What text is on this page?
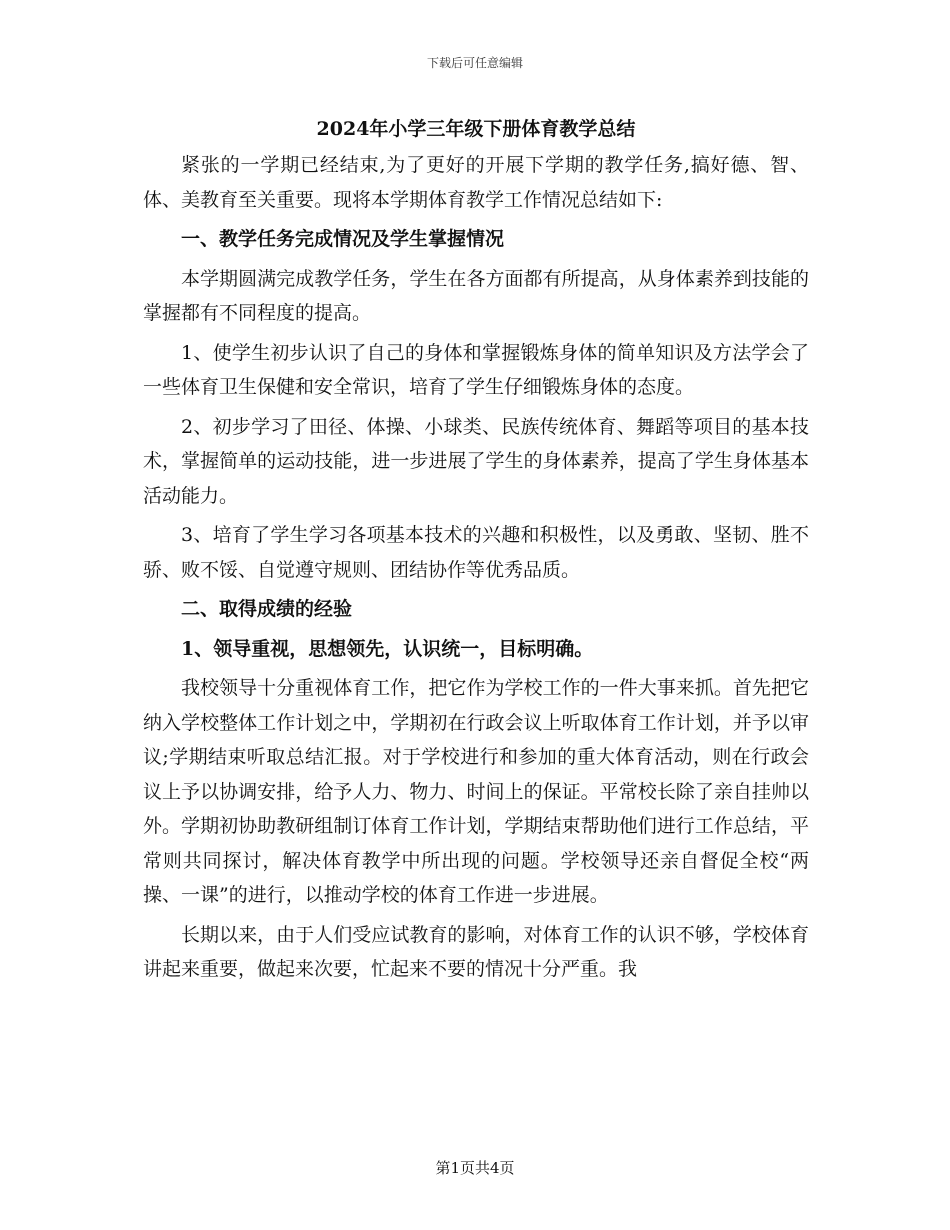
下载后可任意编辑
2024年小学三年级下册体育教学总结

紧张的一学期已经结束,为了更好的开展下学期的教学任务,搞好德、智、体、美教育至关重要。现将本学期体育教学工作情况总结如下:

一、教学任务完成情况及学生掌握情况

本学期圆满完成教学任务，学生在各方面都有所提高，从身体素养到技能的掌握都有不同程度的提高。

1、使学生初步认识了自己的身体和掌握锻炼身体的简单知识及方法学会了一些体育卫生保健和安全常识，培育了学生仔细锻炼身体的态度。

2、初步学习了田径、体操、小球类、民族传统体育、舞蹈等项目的基本技术，掌握简单的运动技能，进一步进展了学生的身体素养，提高了学生身体基本活动能力。

3、培育了学生学习各项基本技术的兴趣和积极性，以及勇敢、坚韧、胜不骄、败不馁、自觉遵守规则、团结协作等优秀品质。

二、取得成绩的经验

1、领导重视，思想领先，认识统一，目标明确。

我校领导十分重视体育工作，把它作为学校工作的一件大事来抓。首先把它纳入学校整体工作计划之中，学期初在行政会议上听取体育工作计划，并予以审议;学期结束听取总结汇报。对于学校进行和参加的重大体育活动，则在行政会议上予以协调安排，给予人力、物力、时间上的保证。平常校长除了亲自挂帅以外。学期初协助教研组制订体育工作计划，学期结束帮助他们进行工作总结，平常则共同探讨，解决体育教学中所出现的问题。学校领导还亲自督促全校“两操、一课”的进行，以推动学校的体育工作进一步进展。

长期以来，由于人们受应试教育的影响，对体育工作的认识不够，学校体育讲起来重要，做起来次要，忙起来不要的情况十分严重。我

第1页共4页
